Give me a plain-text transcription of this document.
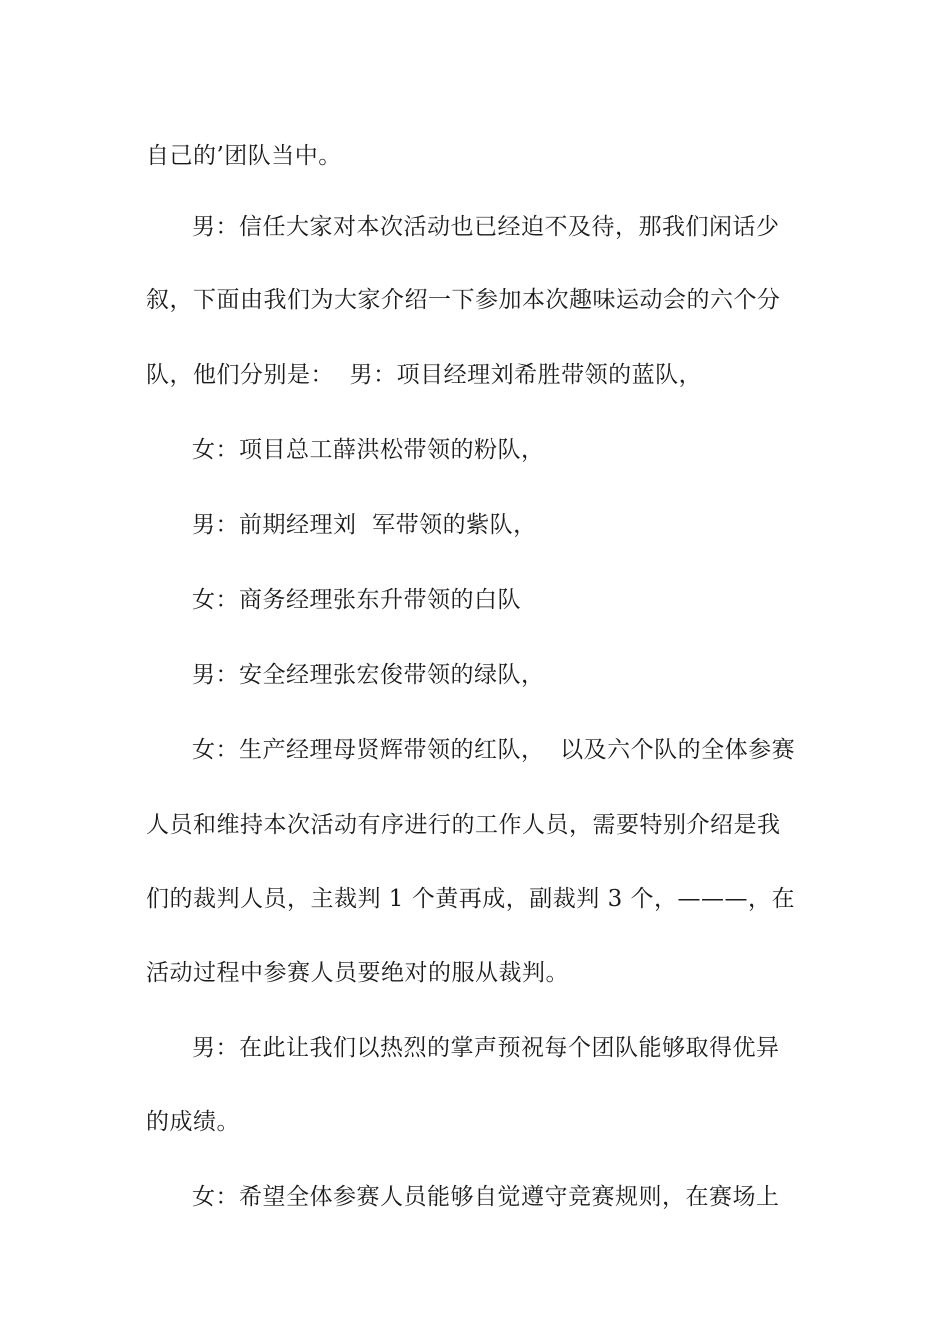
自己的’团队当中。
男：信任大家对本次活动也已经迫不及待，那我们闲话少
叙，下面由我们为大家介绍一下参加本次趣味运动会的六个分
队，他们分别是：  男：项目经理刘希胜带领的蓝队，
女：项目总工薛洪松带领的粉队，
男：前期经理刘  军带领的紫队，
女：商务经理张东升带领的白队
男：安全经理张宏俊带领的绿队，
女：生产经理母贤辉带领的红队，  以及六个队的全体参赛
人员和维持本次活动有序进行的工作人员，需要特别介绍是我
们的裁判人员，主裁判 1 个黄再成，副裁判 3 个，———，在
活动过程中参赛人员要绝对的服从裁判。
男：在此让我们以热烈的掌声预祝每个团队能够取得优异
的成绩。
女：希望全体参赛人员能够自觉遵守竞赛规则，在赛场上
